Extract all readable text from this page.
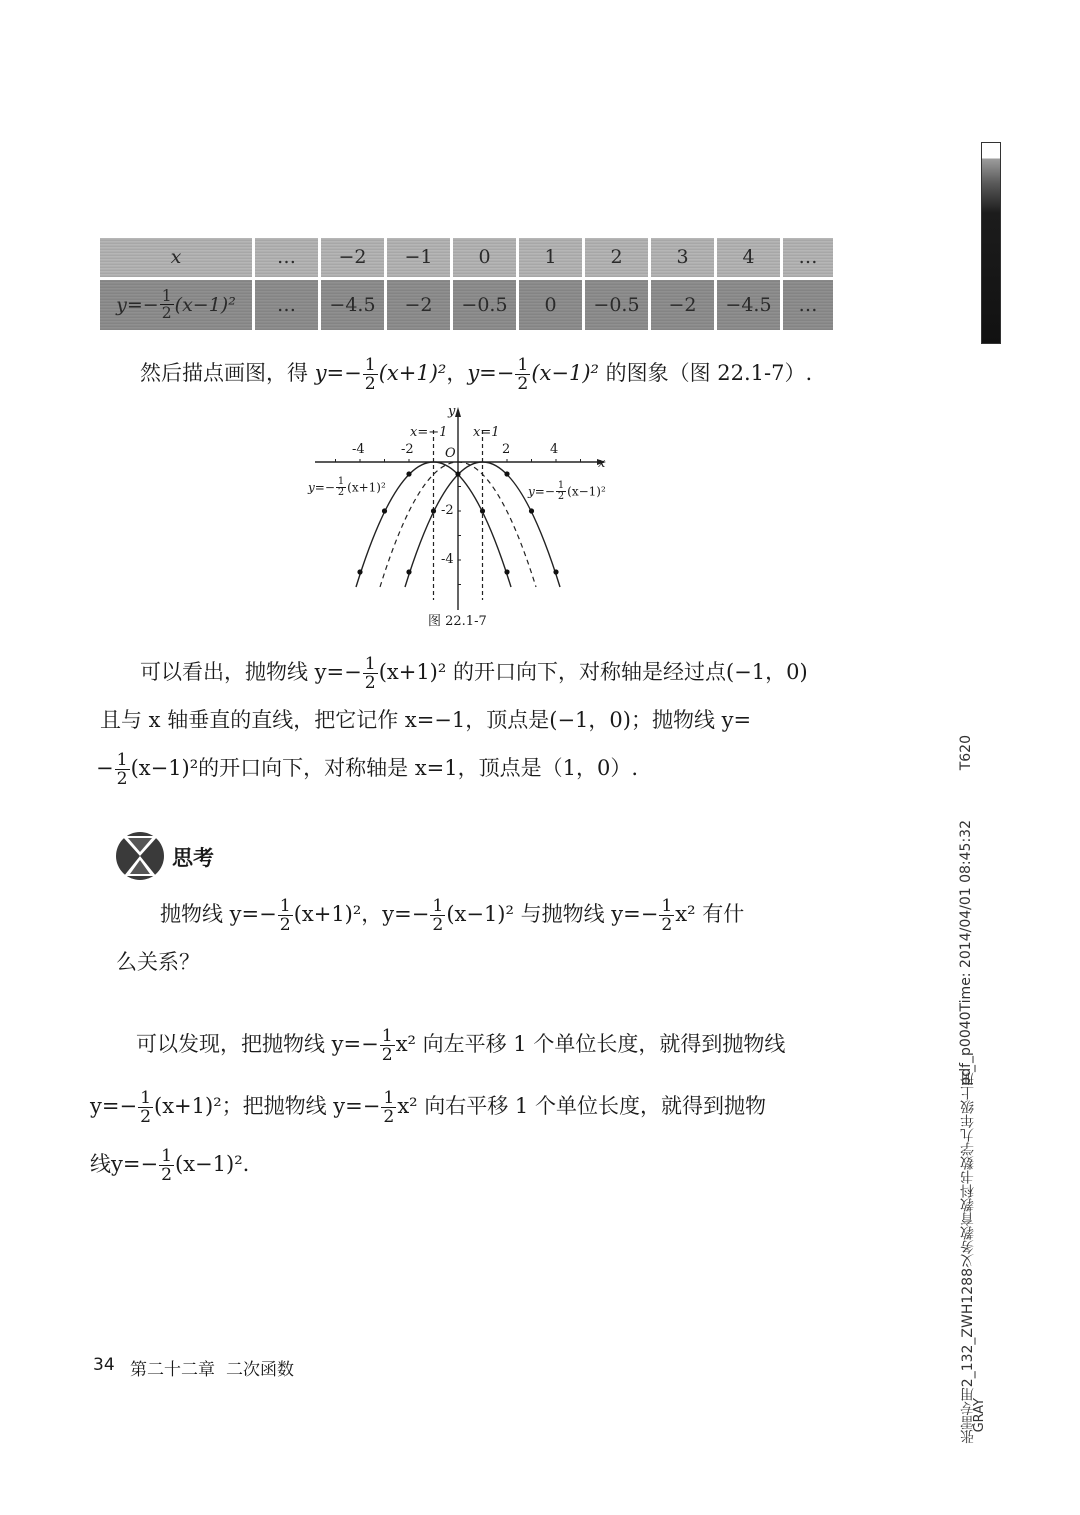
x	…	−2	−1	0	1	2	3	4	…
$y=- \frac{1}{2} (x-1)^2$	…	−4.5	−2	−0.5	0	−0.5	−2	−4.5	…
然后描点画图，得 $y=- \frac{1}{2} (x+1)^2$，$y=- \frac{1}{2} (x-1)^2$ 的图象（图 22.1-7）.
y
x
O
-4	-2	2	4
-2
-4
x=−1 x=1
$y=- \frac{1}{2} (x+1)^2$	$y=- \frac{1}{2} (x-1)^2$
图 22.1-7
可以看出，抛物线 $y=- \frac{1}{2} (x+1)^2$ 的开口向下，对称轴是经过点(−1，0)
且与 x 轴垂直的直线，把它记作 x=−1，顶点是(−1，0)；抛物线 y=
− $\frac{1}{2} (x-1)^2$的开口向下，对称轴是 x=1，顶点是（1，0）.
思考
抛物线 $y=- \frac{1}{2} (x+1)^2$，$y=- \frac{1}{2} (x-1)^2$ 与抛物线 $y=- \frac{1}{2} x^2$ 有什
么关系？
可以发现，把抛物线 $y=- \frac{1}{2} x^2$ 向左平移 1 个单位长度，就得到抛物线
$y=- \frac{1}{2} (x+1)^2$；把抛物线 $y=- \frac{1}{2} x^2$ 向右平移 1 个单位长度，就得到抛物
线$y=- \frac{1}{2} (x-1)^2$.
34 第二十二章 二次函数
T620
pdf_p0040Time: 2014/04/01 08:45:32
张雷专用2_132_ZWH1288义务教育教科书数学九年级上册_
GRAY
